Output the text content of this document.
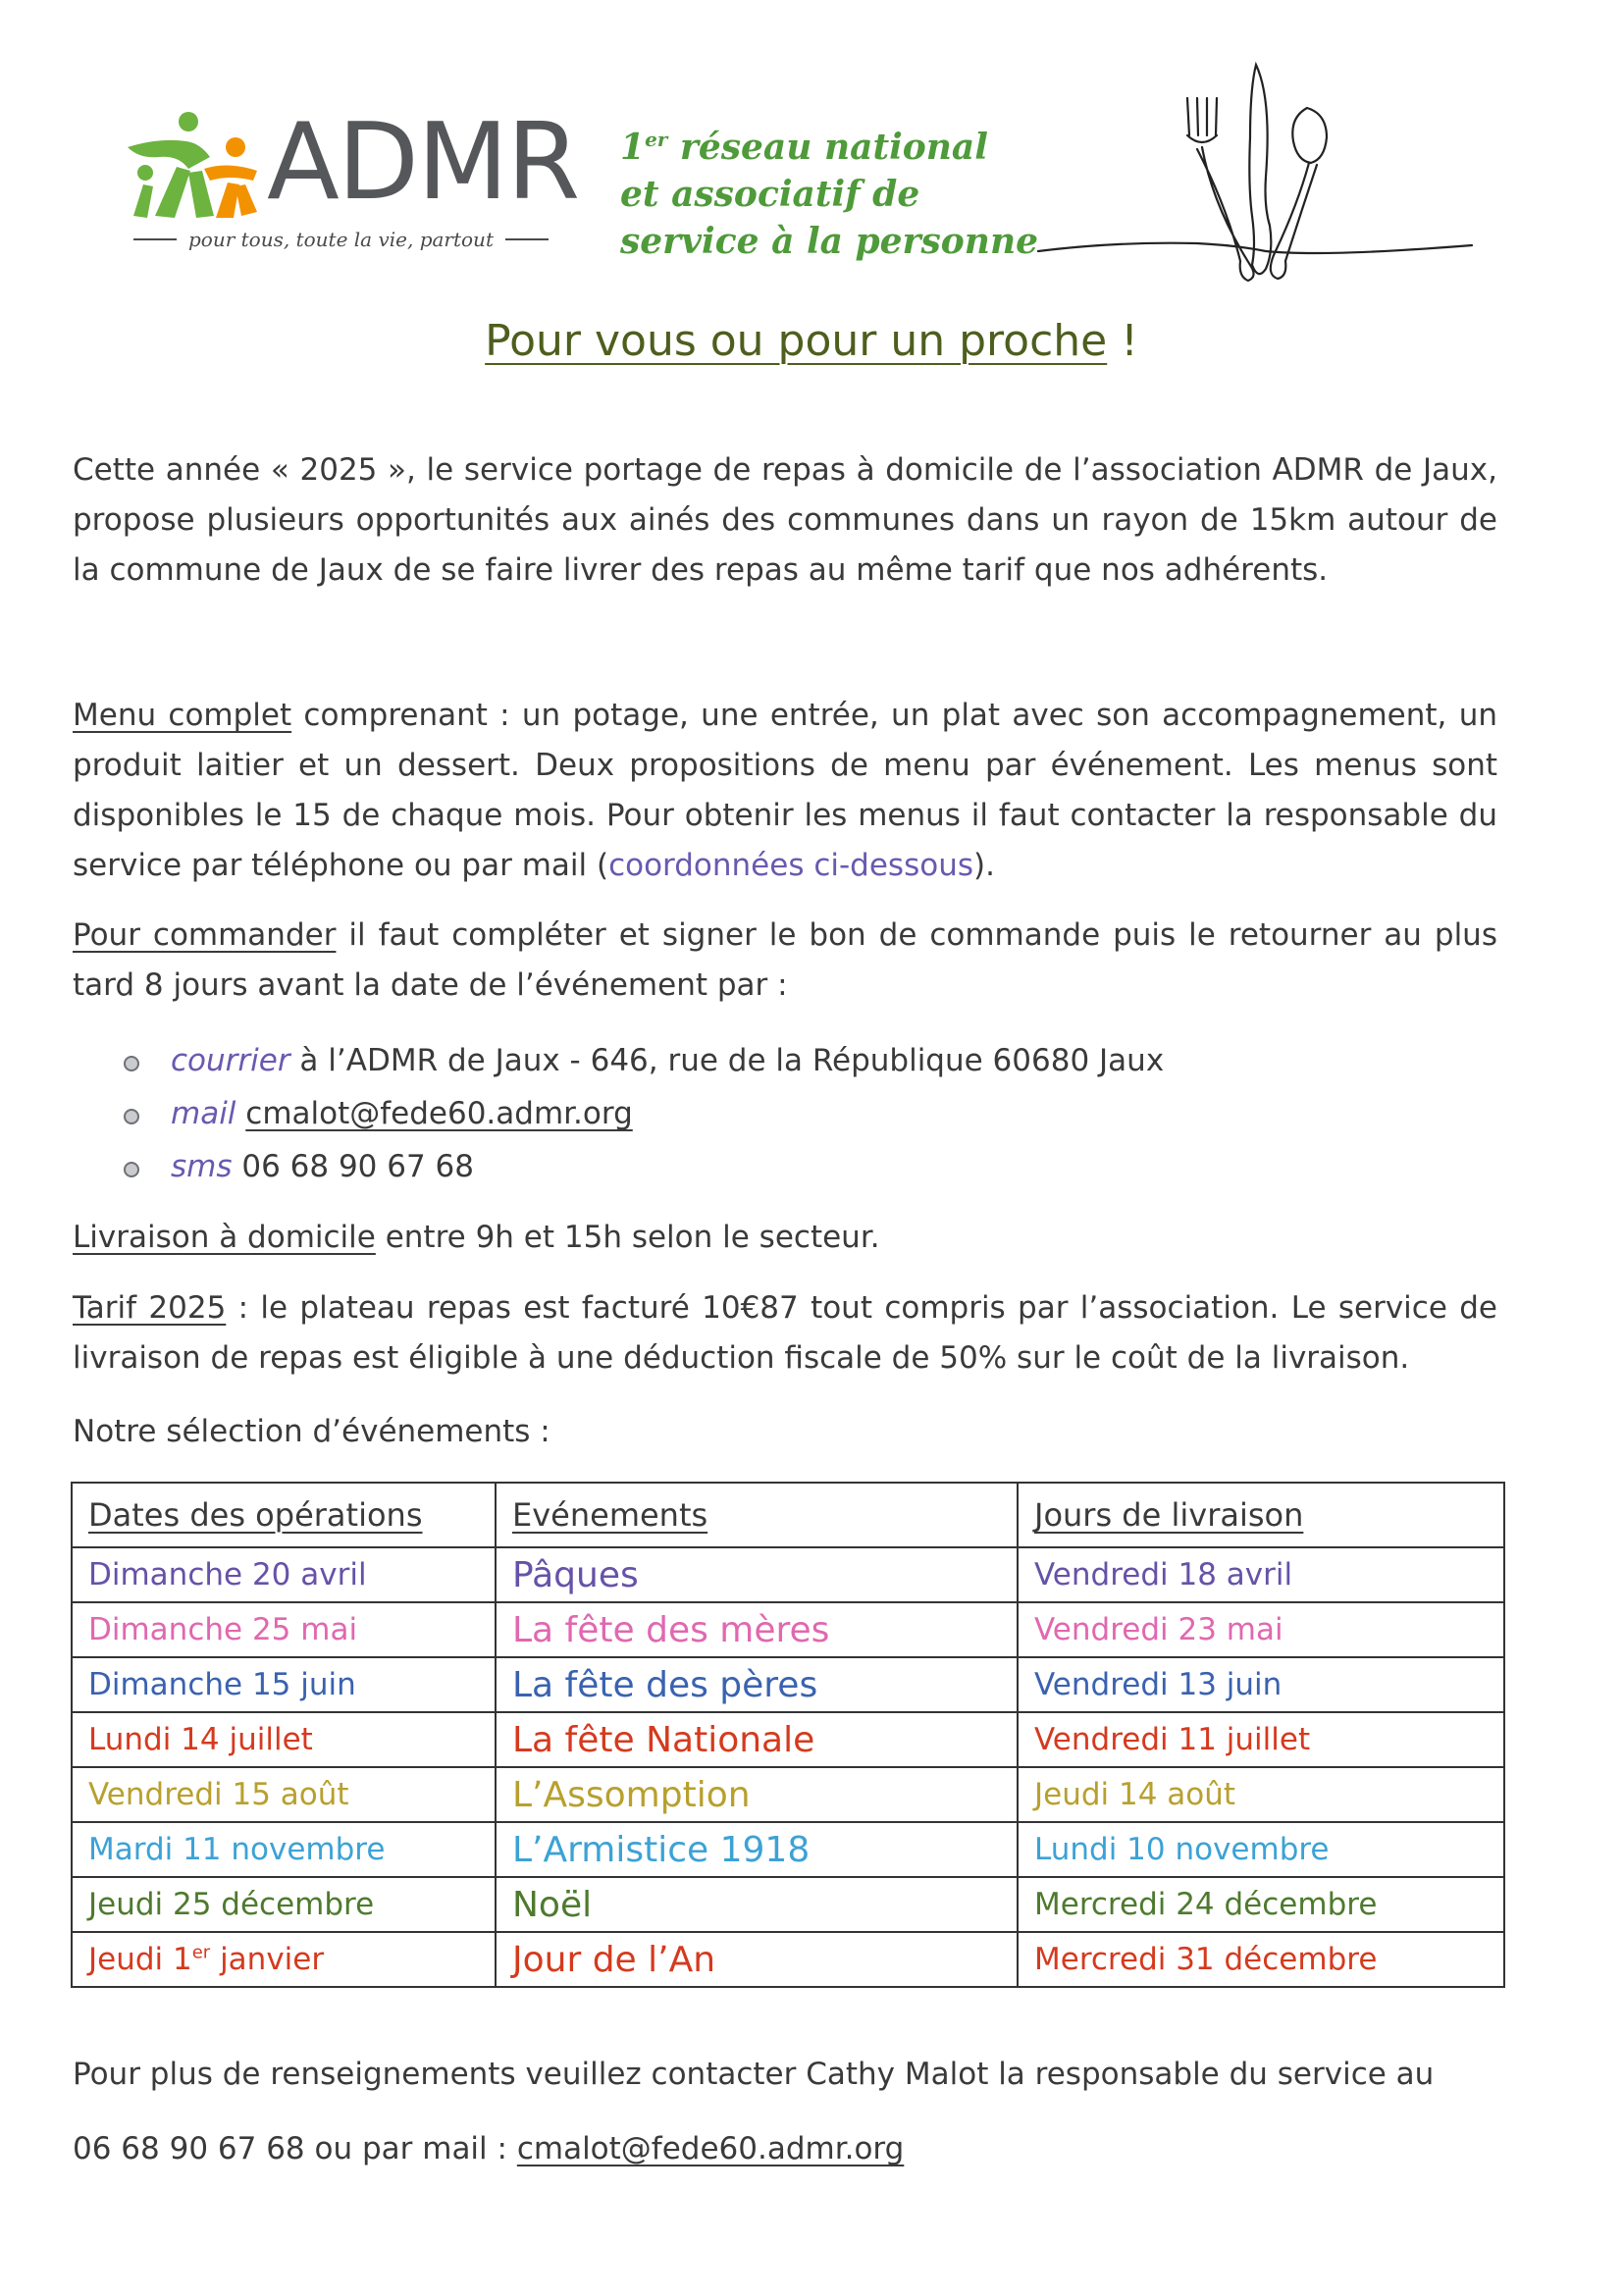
ADMR
pour tous, toute la vie, partout
1er réseau national
et associatif de
service à la personne
Pour vous ou pour un proche !
Cette année « 2025 », le service portage de repas à domicile de l’association ADMR de Jaux, propose plusieurs opportunités aux ainés des communes dans un rayon de 15km autour de la commune de Jaux de se faire livrer des repas au même tarif que nos adhérents.
Menu complet comprenant : un potage, une entrée, un plat avec son accompagnement, un produit laitier et un dessert. Deux propositions de menu par événement. Les menus sont disponibles le 15 de chaque mois. Pour obtenir les menus il faut contacter la responsable du service par téléphone ou par mail (coordonnées ci-dessous).
Pour commander il faut compléter et signer le bon de commande puis le retourner au plus tard 8 jours avant la date de l’événement par :
courrier à l’ADMR de Jaux - 646, rue de la République 60680 Jaux
mail cmalot@fede60.admr.org
sms 06 68 90 67 68
Livraison à domicile entre 9h et 15h selon le secteur.
Tarif 2025 : le plateau repas est facturé 10€87 tout compris par l’association. Le service de livraison de repas est éligible à une déduction fiscale de 50% sur le coût de la livraison.
Notre sélection d’événements :
Dates des opérations	Evénements	Jours de livraison
Dimanche 20 avril	Pâques	Vendredi 18 avril
Dimanche 25 mai	La fête des mères	Vendredi 23 mai
Dimanche 15 juin	La fête des pères	Vendredi 13 juin
Lundi 14 juillet	La fête Nationale	Vendredi 11 juillet
Vendredi 15 août	L’Assomption	Jeudi 14 août
Mardi 11 novembre	L’Armistice 1918	Lundi 10 novembre
Jeudi 25 décembre	Noël	Mercredi 24 décembre
Jeudi 1er janvier	Jour de l’An	Mercredi 31 décembre
Pour plus de renseignements veuillez contacter Cathy Malot la responsable du service au
06 68 90 67 68 ou par mail : cmalot@fede60.admr.org
